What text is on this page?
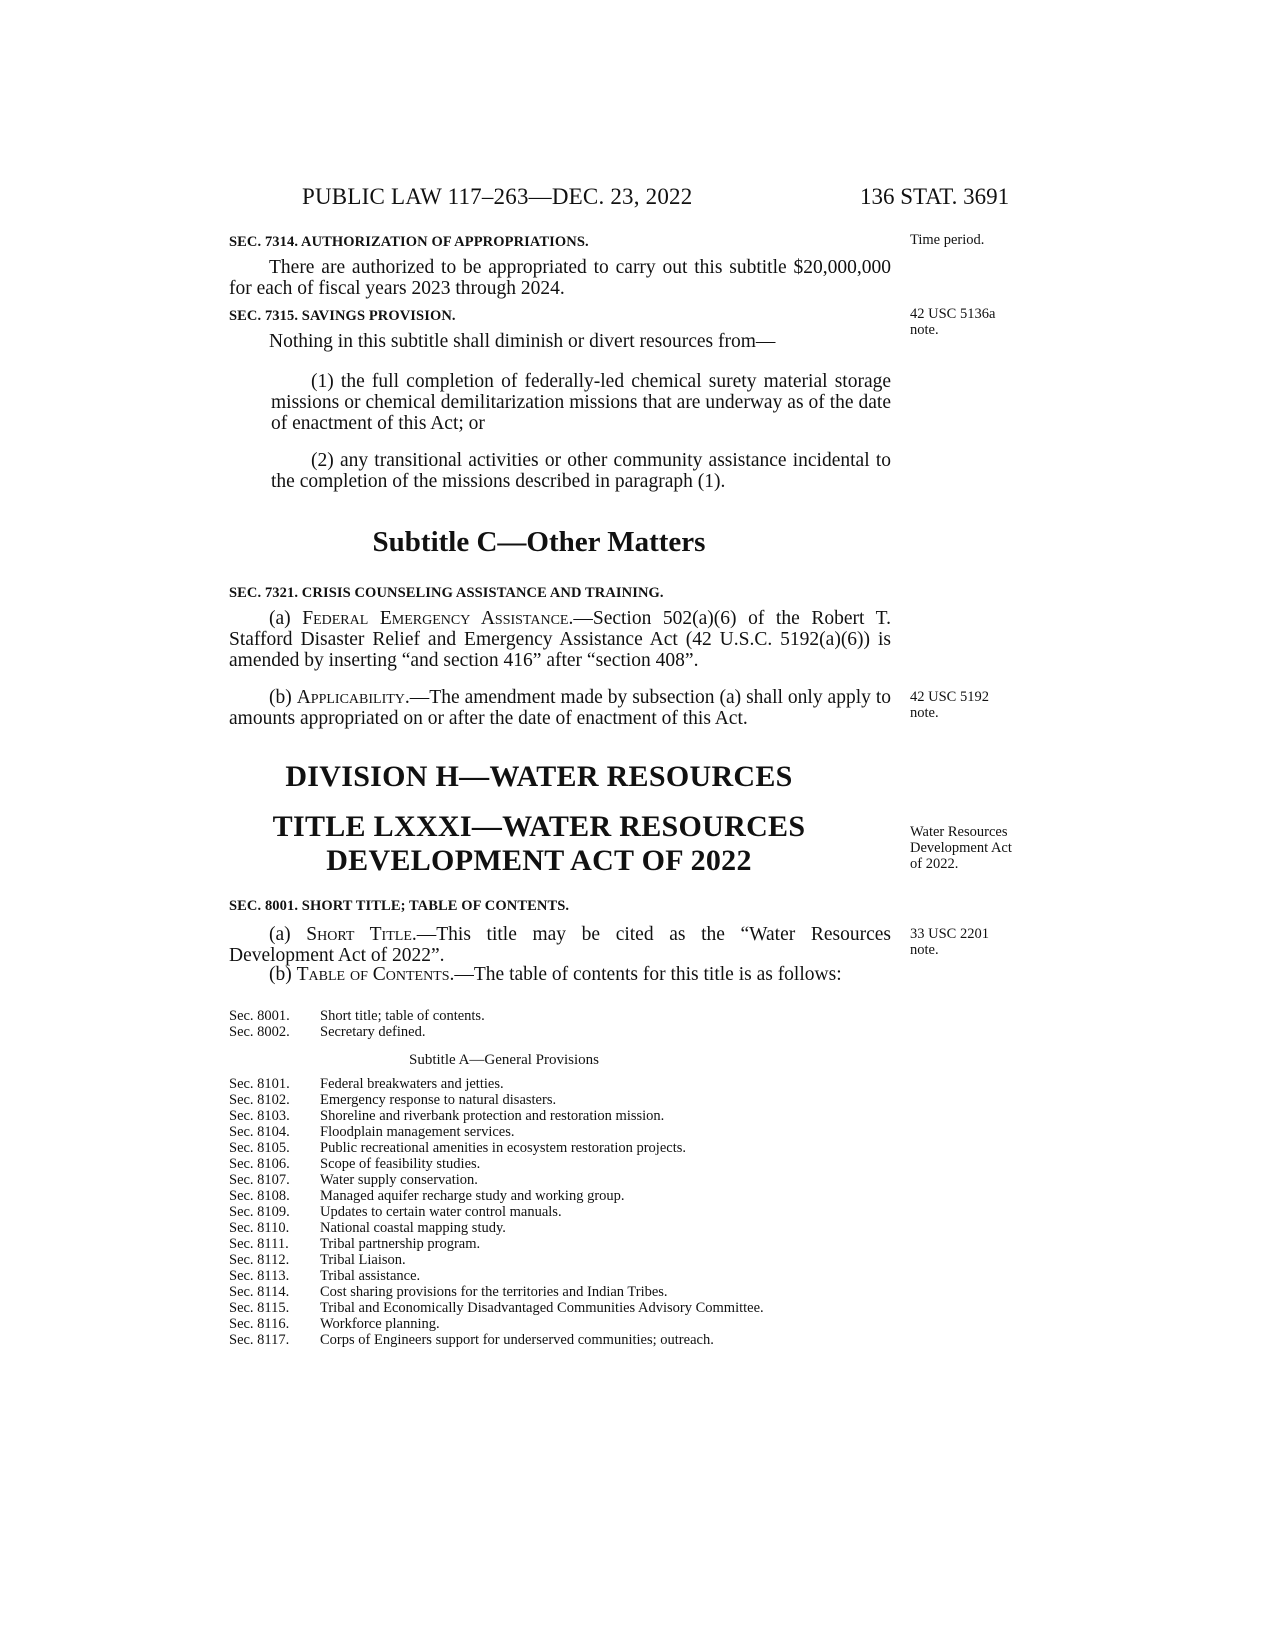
PUBLIC LAW 117–263—DEC. 23, 2022	136 STAT. 3691
SEC. 7314. AUTHORIZATION OF APPROPRIATIONS.

There are authorized to be appropriated to carry out this subtitle $20,000,000 for each of fiscal years 2023 through 2024.

SEC. 7315. SAVINGS PROVISION.

Nothing in this subtitle shall diminish or divert resources from—

(1) the full completion of federally-led chemical surety material storage missions or chemical demilitarization missions that are underway as of the date of enactment of this Act; or

(2) any transitional activities or other community assistance incidental to the completion of the missions described in paragraph (1).

Subtitle C—Other Matters
SEC. 7321. CRISIS COUNSELING ASSISTANCE AND TRAINING.

(a) Federal Emergency Assistance.—Section 502(a)(6) of the Robert T. Stafford Disaster Relief and Emergency Assistance Act (42 U.S.C. 5192(a)(6)) is amended by inserting “and section 416” after “section 408”.

(b) Applicability.—The amendment made by subsection (a) shall only apply to amounts appropriated on or after the date of enactment of this Act.

DIVISION H—WATER RESOURCES
TITLE LXXXI—WATER RESOURCES
DEVELOPMENT ACT OF 2022
SEC. 8001. SHORT TITLE; TABLE OF CONTENTS.

(a) Short Title.—This title may be cited as the “Water Resources Development Act of 2022”.

(b) Table of Contents.—The table of contents for this title is as follows:

Sec. 8001.	Short title; table of contents.
Sec. 8002.	Secretary defined.
Subtitle A—General Provisions
Sec. 8101.	Federal breakwaters and jetties.
Sec. 8102.	Emergency response to natural disasters.
Sec. 8103.	Shoreline and riverbank protection and restoration mission.
Sec. 8104.	Floodplain management services.
Sec. 8105.	Public recreational amenities in ecosystem restoration projects.
Sec. 8106.	Scope of feasibility studies.
Sec. 8107.	Water supply conservation.
Sec. 8108.	Managed aquifer recharge study and working group.
Sec. 8109.	Updates to certain water control manuals.
Sec. 8110.	National coastal mapping study.
Sec. 8111.	Tribal partnership program.
Sec. 8112.	Tribal Liaison.
Sec. 8113.	Tribal assistance.
Sec. 8114.	Cost sharing provisions for the territories and Indian Tribes.
Sec. 8115.	Tribal and Economically Disadvantaged Communities Advisory Committee.
Sec. 8116.	Workforce planning.
Sec. 8117.	Corps of Engineers support for underserved communities; outreach.
Time period.
42 USC 5136a
note.
42 USC 5192
note.
Water Resources
Development Act
of 2022.
33 USC 2201
note.
